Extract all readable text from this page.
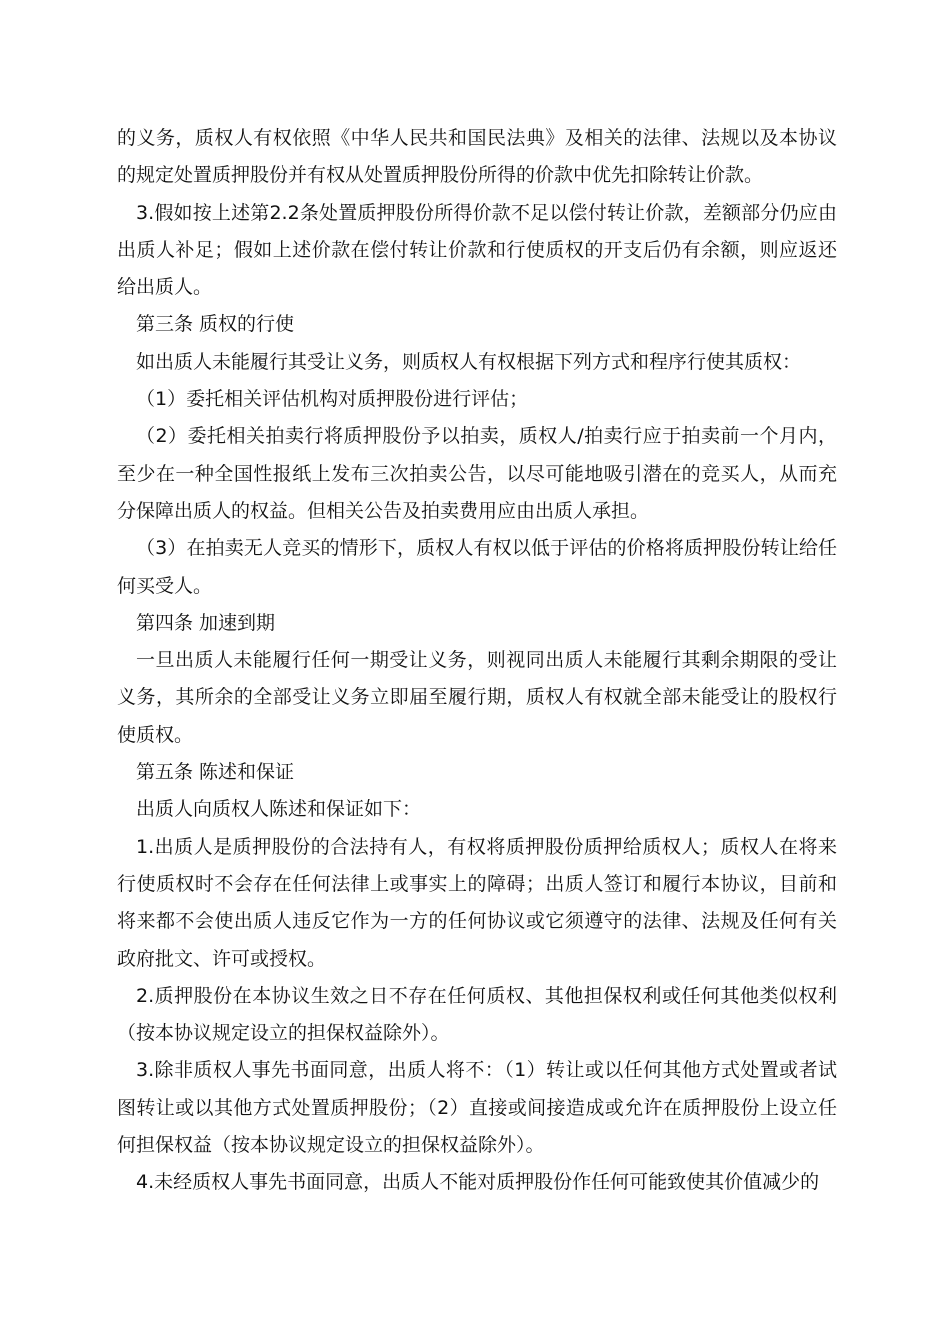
的义务，质权人有权依照《中华人民共和国民法典》及相关的法律、法规以及本协议的规定处置质押股份并有权从处置质押股份所得的价款中优先扣除转让价款。

3.假如按上述第2.2条处置质押股份所得价款不足以偿付转让价款，差额部分仍应由出质人补足；假如上述价款在偿付转让价款和行使质权的开支后仍有余额，则应返还给出质人。

第三条 质权的行使

如出质人未能履行其受让义务，则质权人有权根据下列方式和程序行使其质权：

（1）委托相关评估机构对质押股份进行评估；

（2）委托相关拍卖行将质押股份予以拍卖，质权人/拍卖行应于拍卖前一个月内，至少在一种全国性报纸上发布三次拍卖公告，以尽可能地吸引潜在的竞买人，从而充分保障出质人的权益。但相关公告及拍卖费用应由出质人承担。

（3）在拍卖无人竞买的情形下，质权人有权以低于评估的价格将质押股份转让给任何买受人。

第四条 加速到期

一旦出质人未能履行任何一期受让义务，则视同出质人未能履行其剩余期限的受让义务，其所余的全部受让义务立即届至履行期，质权人有权就全部未能受让的股权行使质权。

第五条 陈述和保证

出质人向质权人陈述和保证如下：

1.出质人是质押股份的合法持有人，有权将质押股份质押给质权人；质权人在将来行使质权时不会存在任何法律上或事实上的障碍；出质人签订和履行本协议，目前和将来都不会使出质人违反它作为一方的任何协议或它须遵守的法律、法规及任何有关政府批文、许可或授权。

2.质押股份在本协议生效之日不存在任何质权、其他担保权利或任何其他类似权利（按本协议规定设立的担保权益除外）。

3.除非质权人事先书面同意，出质人将不：（1）转让或以任何其他方式处置或者试图转让或以其他方式处置质押股份；（2）直接或间接造成或允许在质押股份上设立任何担保权益（按本协议规定设立的担保权益除外）。

4.未经质权人事先书面同意，出质人不能对质押股份作任何可能致使其价值减少的
